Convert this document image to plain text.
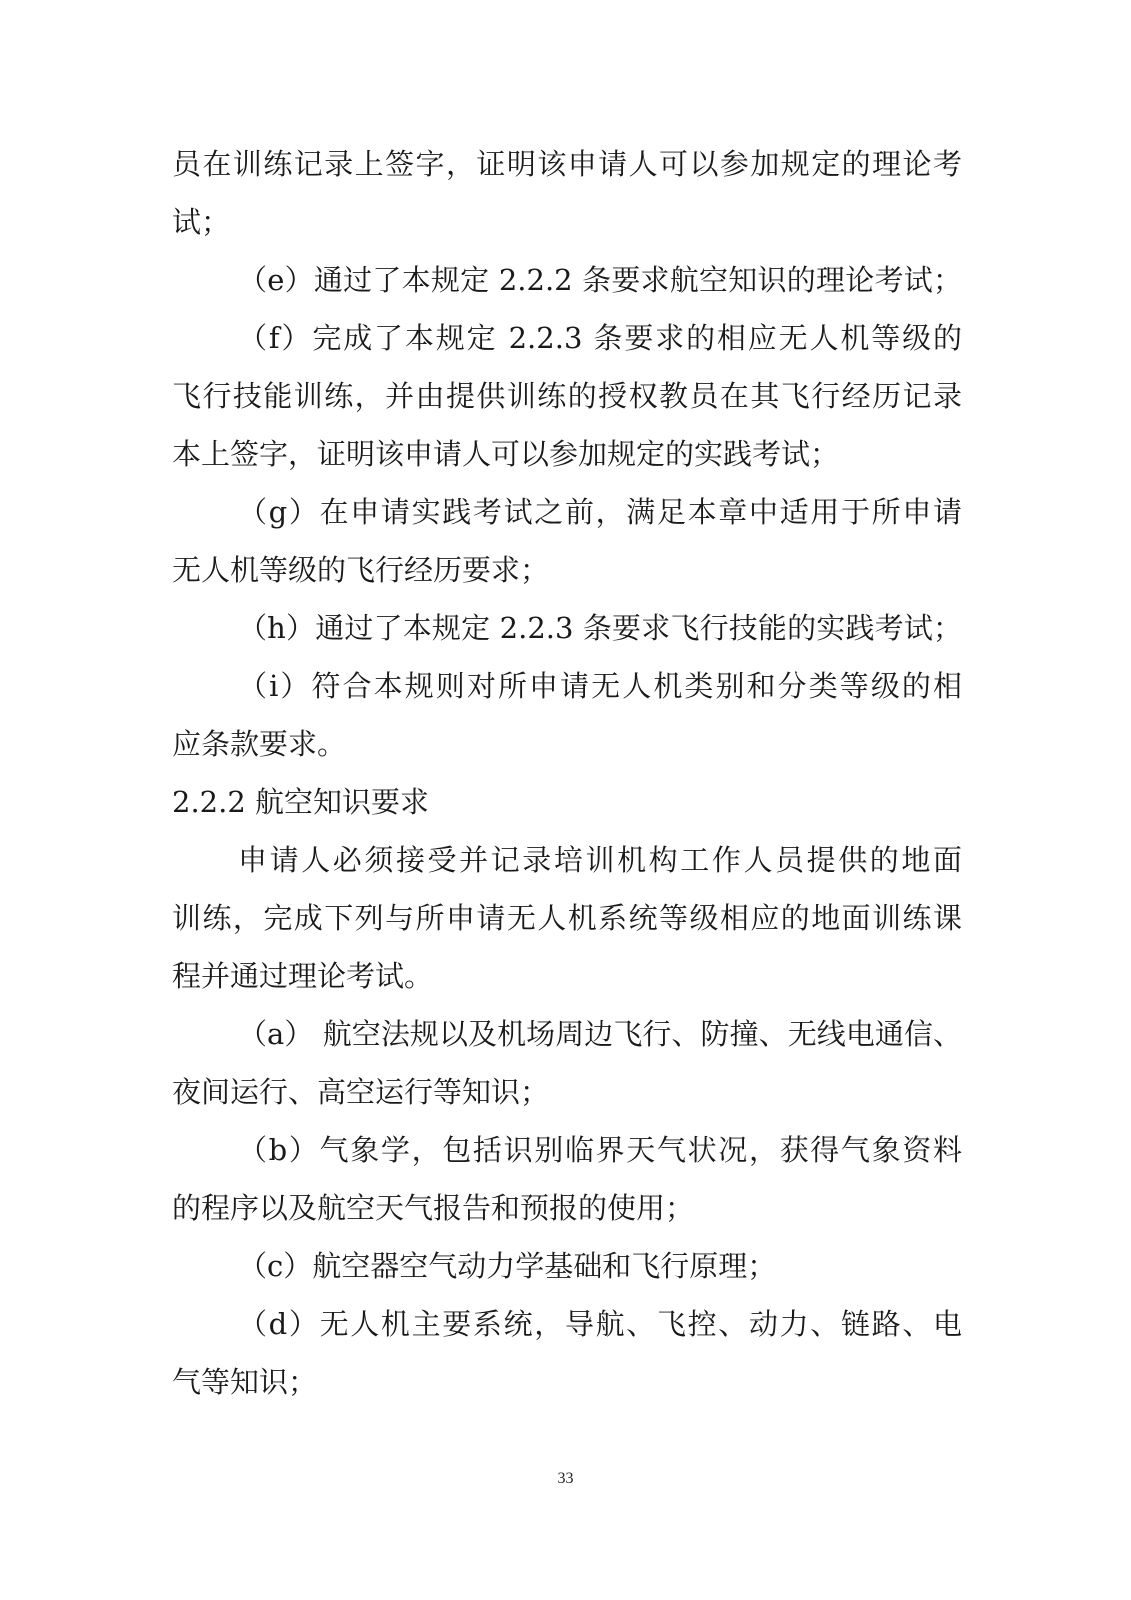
员在训练记录上签字，证明该申请人可以参加规定的理论考
试；
（e）通过了本规定 2.2.2 条要求航空知识的理论考试；
（f）完成了本规定 2.2.3 条要求的相应无人机等级的
飞行技能训练，并由提供训练的授权教员在其飞行经历记录
本上签字，证明该申请人可以参加规定的实践考试；
（g）在申请实践考试之前，满足本章中适用于所申请
无人机等级的飞行经历要求；
（h）通过了本规定 2.2.3 条要求飞行技能的实践考试；
（i）符合本规则对所申请无人机类别和分类等级的相
应条款要求。
2.2.2 航空知识要求
申请人必须接受并记录培训机构工作人员提供的地面
训练，完成下列与所申请无人机系统等级相应的地面训练课
程并通过理论考试。
（a） 航空法规以及机场周边飞行、防撞、无线电通信、
夜间运行、高空运行等知识；
（b）气象学，包括识别临界天气状况，获得气象资料
的程序以及航空天气报告和预报的使用；
（c）航空器空气动力学基础和飞行原理；
（d）无人机主要系统，导航、飞控、动力、链路、电
气等知识；
33
